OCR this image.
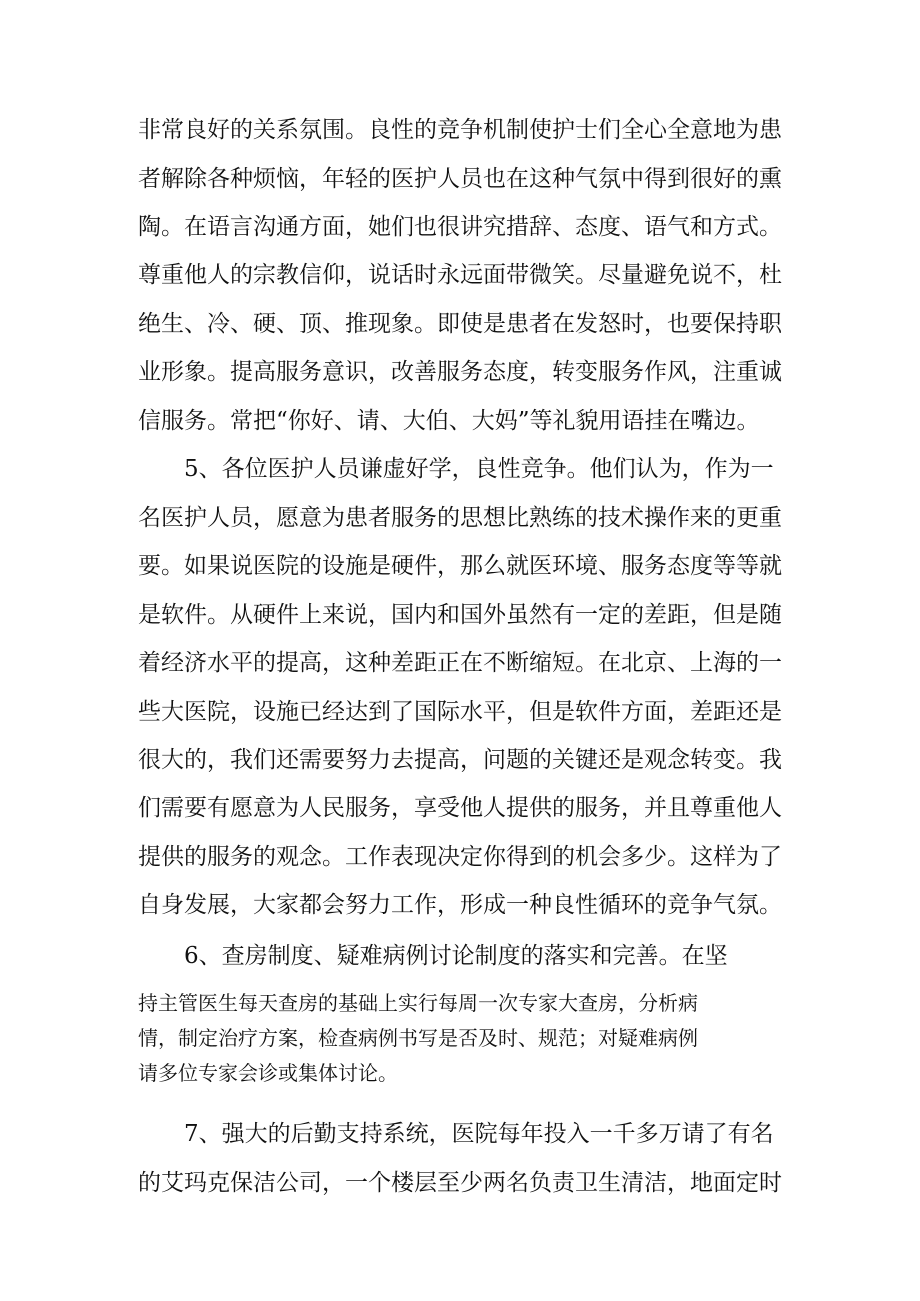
非常良好的关系氛围。良性的竞争机制使护士们全心全意地为患
者解除各种烦恼，年轻的医护人员也在这种气氛中得到很好的熏
陶。在语言沟通方面，她们也很讲究措辞、态度、语气和方式。
尊重他人的宗教信仰，说话时永远面带微笑。尽量避免说不，杜
绝生、冷、硬、顶、推现象。即使是患者在发怒时，也要保持职
业形象。提高服务意识，改善服务态度，转变服务作风，注重诚
信服务。常把“你好、请、大伯、大妈”等礼貌用语挂在嘴边。
5、各位医护人员谦虚好学，良性竞争。他们认为，作为一
名医护人员，愿意为患者服务的思想比熟练的技术操作来的更重
要。如果说医院的设施是硬件，那么就医环境、服务态度等等就
是软件。从硬件上来说，国内和国外虽然有一定的差距，但是随
着经济水平的提高，这种差距正在不断缩短。在北京、上海的一
些大医院，设施已经达到了国际水平，但是软件方面，差距还是
很大的，我们还需要努力去提高，问题的关键还是观念转变。我
们需要有愿意为人民服务，享受他人提供的服务，并且尊重他人
提供的服务的观念。工作表现决定你得到的机会多少。这样为了
自身发展，大家都会努力工作，形成一种良性循环的竞争气氛。
6、查房制度、疑难病例讨论制度的落实和完善。在坚
持主管医生每天查房的基础上实行每周一次专家大查房，分析病
情，制定治疗方案，检查病例书写是否及时、规范；对疑难病例
请多位专家会诊或集体讨论。
7、强大的后勤支持系统，医院每年投入一千多万请了有名
的艾玛克保洁公司，一个楼层至少两名负责卫生清洁，地面定时
